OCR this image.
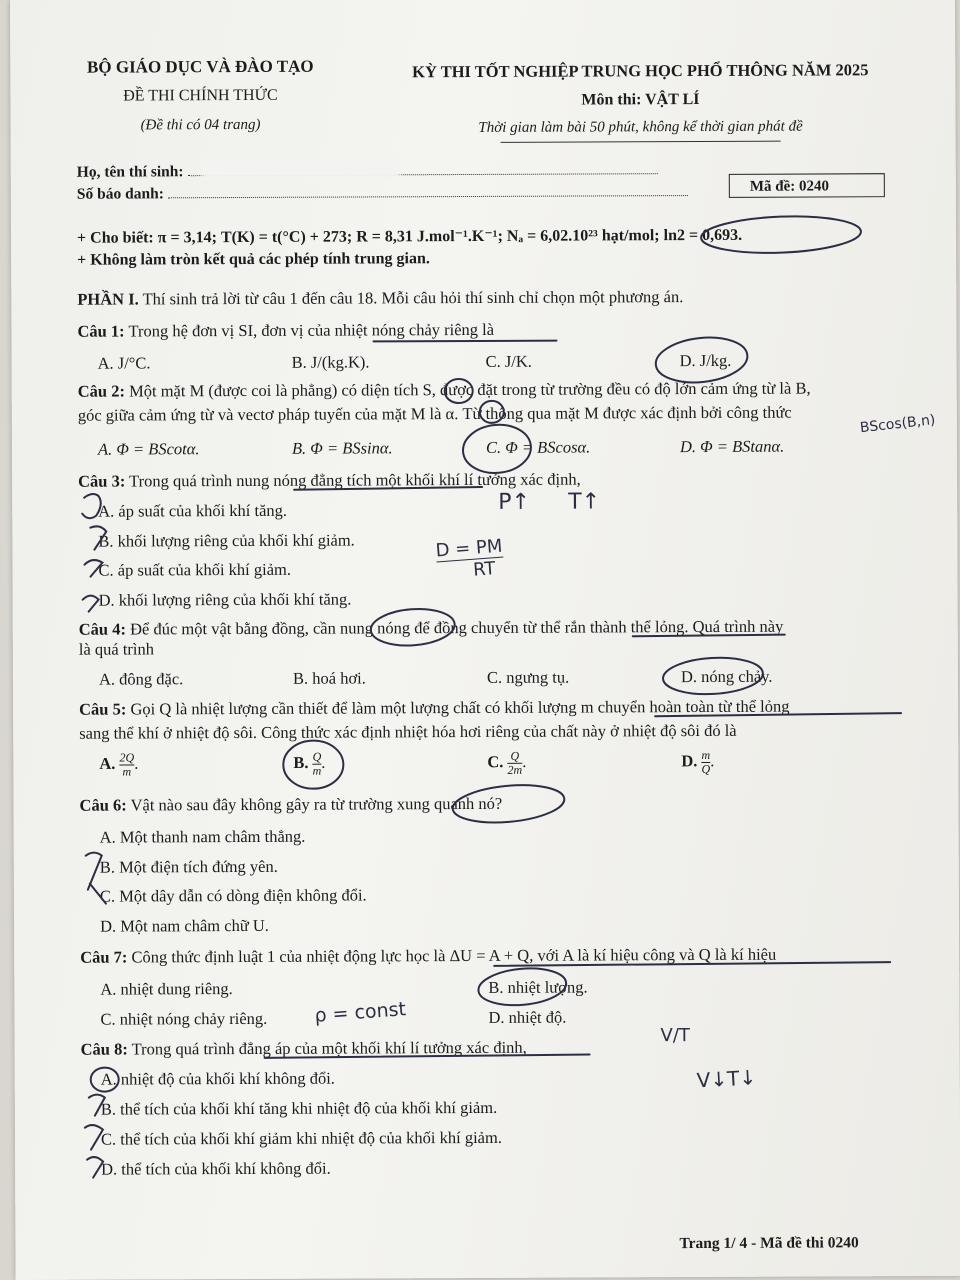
BỘ GIÁO DỤC VÀ ĐÀO TẠO
ĐỀ THI CHÍNH THỨC
(Đề thi có 04 trang)
KỲ THI TỐT NGHIỆP TRUNG HỌC PHỔ THÔNG NĂM 2025
Môn thi: VẬT LÍ
Thời gian làm bài 50 phút, không kể thời gian phát đề
Họ, tên thí sinh:
Số báo danh:	Mã đề: 0240
+ Cho biết: π = 3,14; T(K) = t(°C) + 273; R = 8,31 J.mol⁻¹.K⁻¹; Nₐ = 6,02.10²³ hạt/mol; ln2 = 0,693.
+ Không làm tròn kết quả các phép tính trung gian.
PHẦN I. Thí sinh trả lời từ câu 1 đến câu 18. Mỗi câu hỏi thí sinh chỉ chọn một phương án.
Câu 1: Trong hệ đơn vị SI, đơn vị của nhiệt nóng chảy riêng là
A. J/°C.	B. J/(kg.K).	C. J/K.	D. J/kg.
Câu 2: Một mặt M (được coi là phẳng) có diện tích S, được đặt trong từ trường đều có độ lớn cảm ứng từ là B,
góc giữa cảm ứng từ và vectơ pháp tuyến của mặt M là α. Từ thông qua mặt M được xác định bởi công thức
A. Φ = BScotα.	B. Φ = BSsinα.	C. Φ = BScosα.	D. Φ = BStanα.
Câu 3: Trong quá trình nung nóng đẳng tích một khối khí lí tưởng xác định,
A. áp suất của khối khí tăng.
B. khối lượng riêng của khối khí giảm.
C. áp suất của khối khí giảm.
D. khối lượng riêng của khối khí tăng.
Câu 4: Để đúc một vật bằng đồng, cần nung nóng để đồng chuyển từ thể rắn thành thể lỏng. Quá trình này
là quá trình
A. đông đặc.	B. hoá hơi.	C. ngưng tụ.	D. nóng chảy.
Câu 5: Gọi Q là nhiệt lượng cần thiết để làm một lượng chất có khối lượng m chuyển hoàn toàn từ thể lỏng
sang thể khí ở nhiệt độ sôi. Công thức xác định nhiệt hóa hơi riêng của chất này ở nhiệt độ sôi đó là
A. $\frac{2Q}{m}$ .	B. $\frac{Q}{m}$ .	C. $\frac{Q}{2m}$ .	D. $\frac{m}{Q}$ .
Câu 6: Vật nào sau đây không gây ra từ trường xung quanh nó?
A. Một thanh nam châm thẳng.
B. Một điện tích đứng yên.
C. Một dây dẫn có dòng điện không đổi.
D. Một nam châm chữ U.
Câu 7: Công thức định luật 1 của nhiệt động lực học là ΔU = A + Q, với A là kí hiệu công và Q là kí hiệu
A. nhiệt dung riêng.	B. nhiệt lượng.
C. nhiệt nóng chảy riêng.	D. nhiệt độ.
Câu 8: Trong quá trình đẳng áp của một khối khí lí tưởng xác định,
A. nhiệt độ của khối khí không đổi.
B. thể tích của khối khí tăng khi nhiệt độ của khối khí giảm.
C. thể tích của khối khí giảm khi nhiệt độ của khối khí giảm.
D. thể tích của khối khí không đổi.
BScos(B,n)
P↑ T↑
D = PM
RT
ρ = const
V/T
V↓T↓
Trang 1/ 4 - Mã đề thi 0240
